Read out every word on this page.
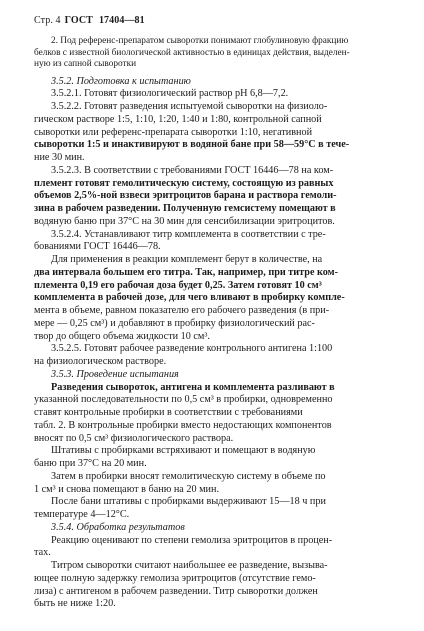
Стр. 4 ГОСТ 17404—81
2. Под референс-препаратом сыворотки понимают глобулиновую фракцию
белков с известной биологической активностью в единицах действия, выделен-
ную из сапной сыворотки
3.5.2. Подготовка к испытанию
3.5.2.1. Готовят физиологический раствор pH 6,8—7,2.
3.5.2.2. Готовят разведения испытуемой сыворотки на физиоло-
гическом растворе 1:5, 1:10, 1:20, 1:40 и 1:80, контрольной сапной
сыворотки или референс-препарата сыворотки 1:10, негативной
сыворотки 1:5 и инактивируют в водяной бане при 58—59°C в тече-
ние 30 мин.
3.5.2.3. В соответствии с требованиями ГОСТ 16446—78 на ком-
племент готовят гемолитическую систему, состоящую из равных
объемов 2,5%-ной взвеси эритроцитов барана и раствора гемоли-
зина в рабочем разведении. Полученную гемсистему помещают в
водяную баню при 37°C на 30 мин для сенсибилизации эритроцитов.
3.5.2.4. Устанавливают титр комплемента в соответствии с тре-
бованиями ГОСТ 16446—78.
Для применения в реакции комплемент берут в количестве, на
два интервала большем его титра. Так, например, при титре ком-
племента 0,19 его рабочая доза будет 0,25. Затем готовят 10 см³
комплемента в рабочей дозе, для чего вливают в пробирку комплe-
мента в объеме, равном показателю его рабочего разведения (в при-
мере — 0,25 см³) и добавляют в пробирку физиологический рас-
твор до общего объема жидкости 10 см³.
3.5.2.5. Готовят рабочее разведение контрольного антигена 1:100
на физиологическом растворе.
3.5.3. Проведение испытания
Разведения сывороток, антигена и комплемента разливают в
указанной последовательности по 0,5 см³ в пробирки, одновременно
ставят контрольные пробирки в соответствии с требованиями
табл. 2. В контрольные пробирки вместо недостающих компонентов
вносят по 0,5 см³ физиологического раствора.
Штативы с пробирками встряхивают и помещают в водяную
баню при 37°C на 20 мин.
Затем в пробирки вносят гемолитическую систему в объеме по
1 см³ и снова помещают в баню на 20 мин.
После бани штативы с пробирками выдерживают 15—18 ч при
температуре 4—12°C.
3.5.4. Обработка результатов
Реакцию оценивают по степени гемолиза эритроцитов в процен-
тах.
Титром сыворотки считают наибольшее ее разведение, вызыва-
ющее полную задержку гемолиза эритроцитов (отсутствие гемо-
лиза) с антигеном в рабочем разведении. Титр сыворотки должен
быть не ниже 1:20.
